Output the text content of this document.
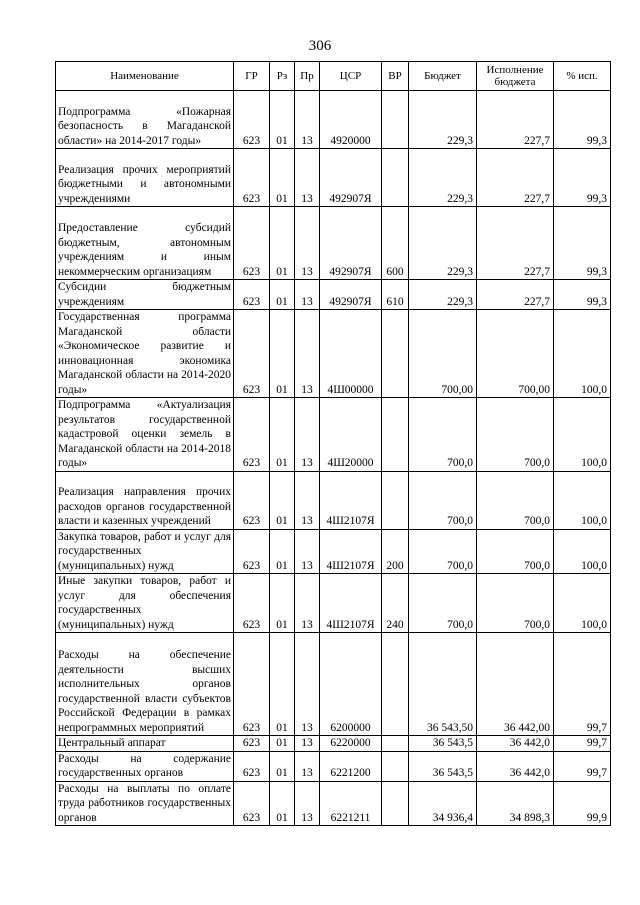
306
Наименование	ГР	Рз	Пр	ЦСР	ВР	Бюджет	Исполнение бюджета	% исп.
Подпрограмма «Пожарная безопасность в Магаданской области» на 2014-2017 годы»	623	01	13	4920000		229,3	227,7	99,3
Реализация прочих мероприятий бюджетными и автономными учреждениями	623	01	13	492907Я		229,3	227,7	99,3
Предоставление субсидий бюджетным, автономным учреждениям и иным некоммерческим организациям	623	01	13	492907Я	600	229,3	227,7	99,3
Субсидии бюджетным учреждениям	623	01	13	492907Я	610	229,3	227,7	99,3
Государственная программа Магаданской области «Экономическое развитие и инновационная экономика Магаданской области на 2014-2020 годы»	623	01	13	4Ш00000		700,00	700,00	100,0
Подпрограмма «Актуализация результатов государственной кадастровой оценки земель в Магаданской области на 2014-2018 годы»	623	01	13	4Ш20000		700,0	700,0	100,0
Реализация направления прочих расходов органов государственной власти и казенных учреждений	623	01	13	4Ш2107Я		700,0	700,0	100,0
Закупка товаров, работ и услуг для государственных (муниципальных) нужд	623	01	13	4Ш2107Я	200	700,0	700,0	100,0
Иные закупки товаров, работ и услуг для обеспечения государственных (муниципальных) нужд	623	01	13	4Ш2107Я	240	700,0	700,0	100,0
Расходы на обеспечение деятельности высших исполнительных органов государственной власти субъектов Российской Федерации в рамках непрограммных мероприятий	623	01	13	6200000		36 543,50	36 442,00	99,7
Центральный аппарат	623	01	13	6220000		36 543,5	36 442,0	99,7
Расходы на содержание государственных органов	623	01	13	6221200		36 543,5	36 442,0	99,7
Расходы на выплаты по оплате труда работников государственных органов	623	01	13	6221211		34 936,4	34 898,3	99,9
